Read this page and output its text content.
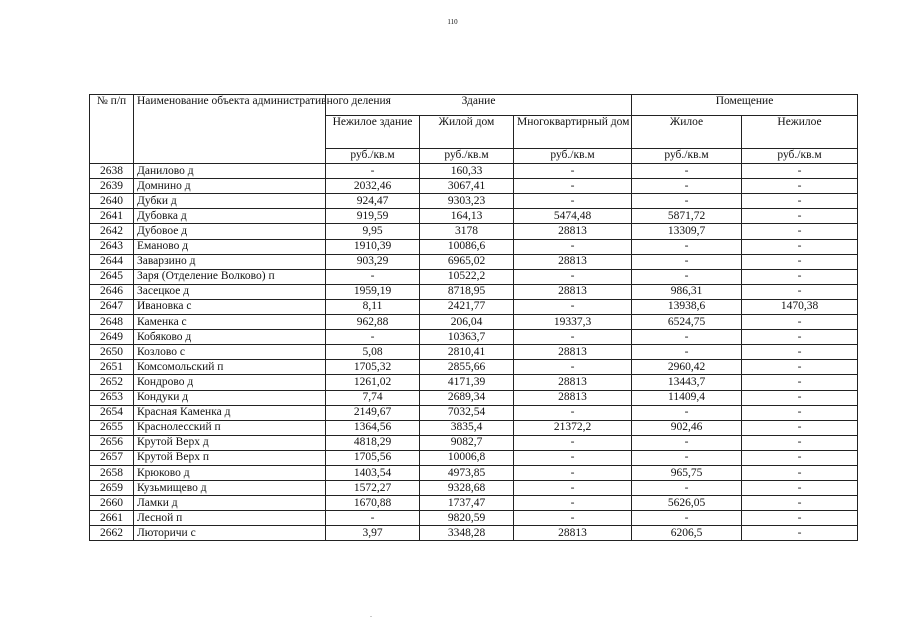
110
№ п/п	Наименование объекта административного деления	Здание			Помещение	
		Нежилое здание	Жилой дом	Многоквартирный дом	Жилое	Нежилое
		руб./кв.м	руб./кв.м	руб./кв.м	руб./кв.м	руб./кв.м
2638	Данилово д	-	160,33	-	-	-
2639	Домнино д	2032,46	3067,41	-	-	-
2640	Дубки д	924,47	9303,23	-	-	-
2641	Дубовка д	919,59	164,13	5474,48	5871,72	-
2642	Дубовое д	9,95	3178	28813	13309,7	-
2643	Еманово д	1910,39	10086,6	-	-	-
2644	Заварзино д	903,29	6965,02	28813	-	-
2645	Заря (Отделение Волково) п	-	10522,2	-	-	-
2646	Засецкое д	1959,19	8718,95	28813	986,31	-
2647	Ивановка с	8,11	2421,77	-	13938,6	1470,38
2648	Каменка с	962,88	206,04	19337,3	6524,75	-
2649	Кобяково д	-	10363,7	-	-	-
2650	Козлово с	5,08	2810,41	28813	-	-
2651	Комсомольский п	1705,32	2855,66	-	2960,42	-
2652	Кондрово д	1261,02	4171,39	28813	13443,7	-
2653	Кондуки д	7,74	2689,34	28813	11409,4	-
2654	Красная Каменка д	2149,67	7032,54	-	-	-
2655	Краснолесский п	1364,56	3835,4	21372,2	902,46	-
2656	Крутой Верх д	4818,29	9082,7	-	-	-
2657	Крутой Верх п	1705,56	10006,8	-	-	-
2658	Крюково д	1403,54	4973,85	-	965,75	-
2659	Кузьмищево д	1572,27	9328,68	-	-	-
2660	Ламки д	1670,88	1737,47	-	5626,05	-
2661	Лесной п	-	9820,59	-	-	-
2662	Люторичи с	3,97	3348,28	28813	6206,5	-
.
